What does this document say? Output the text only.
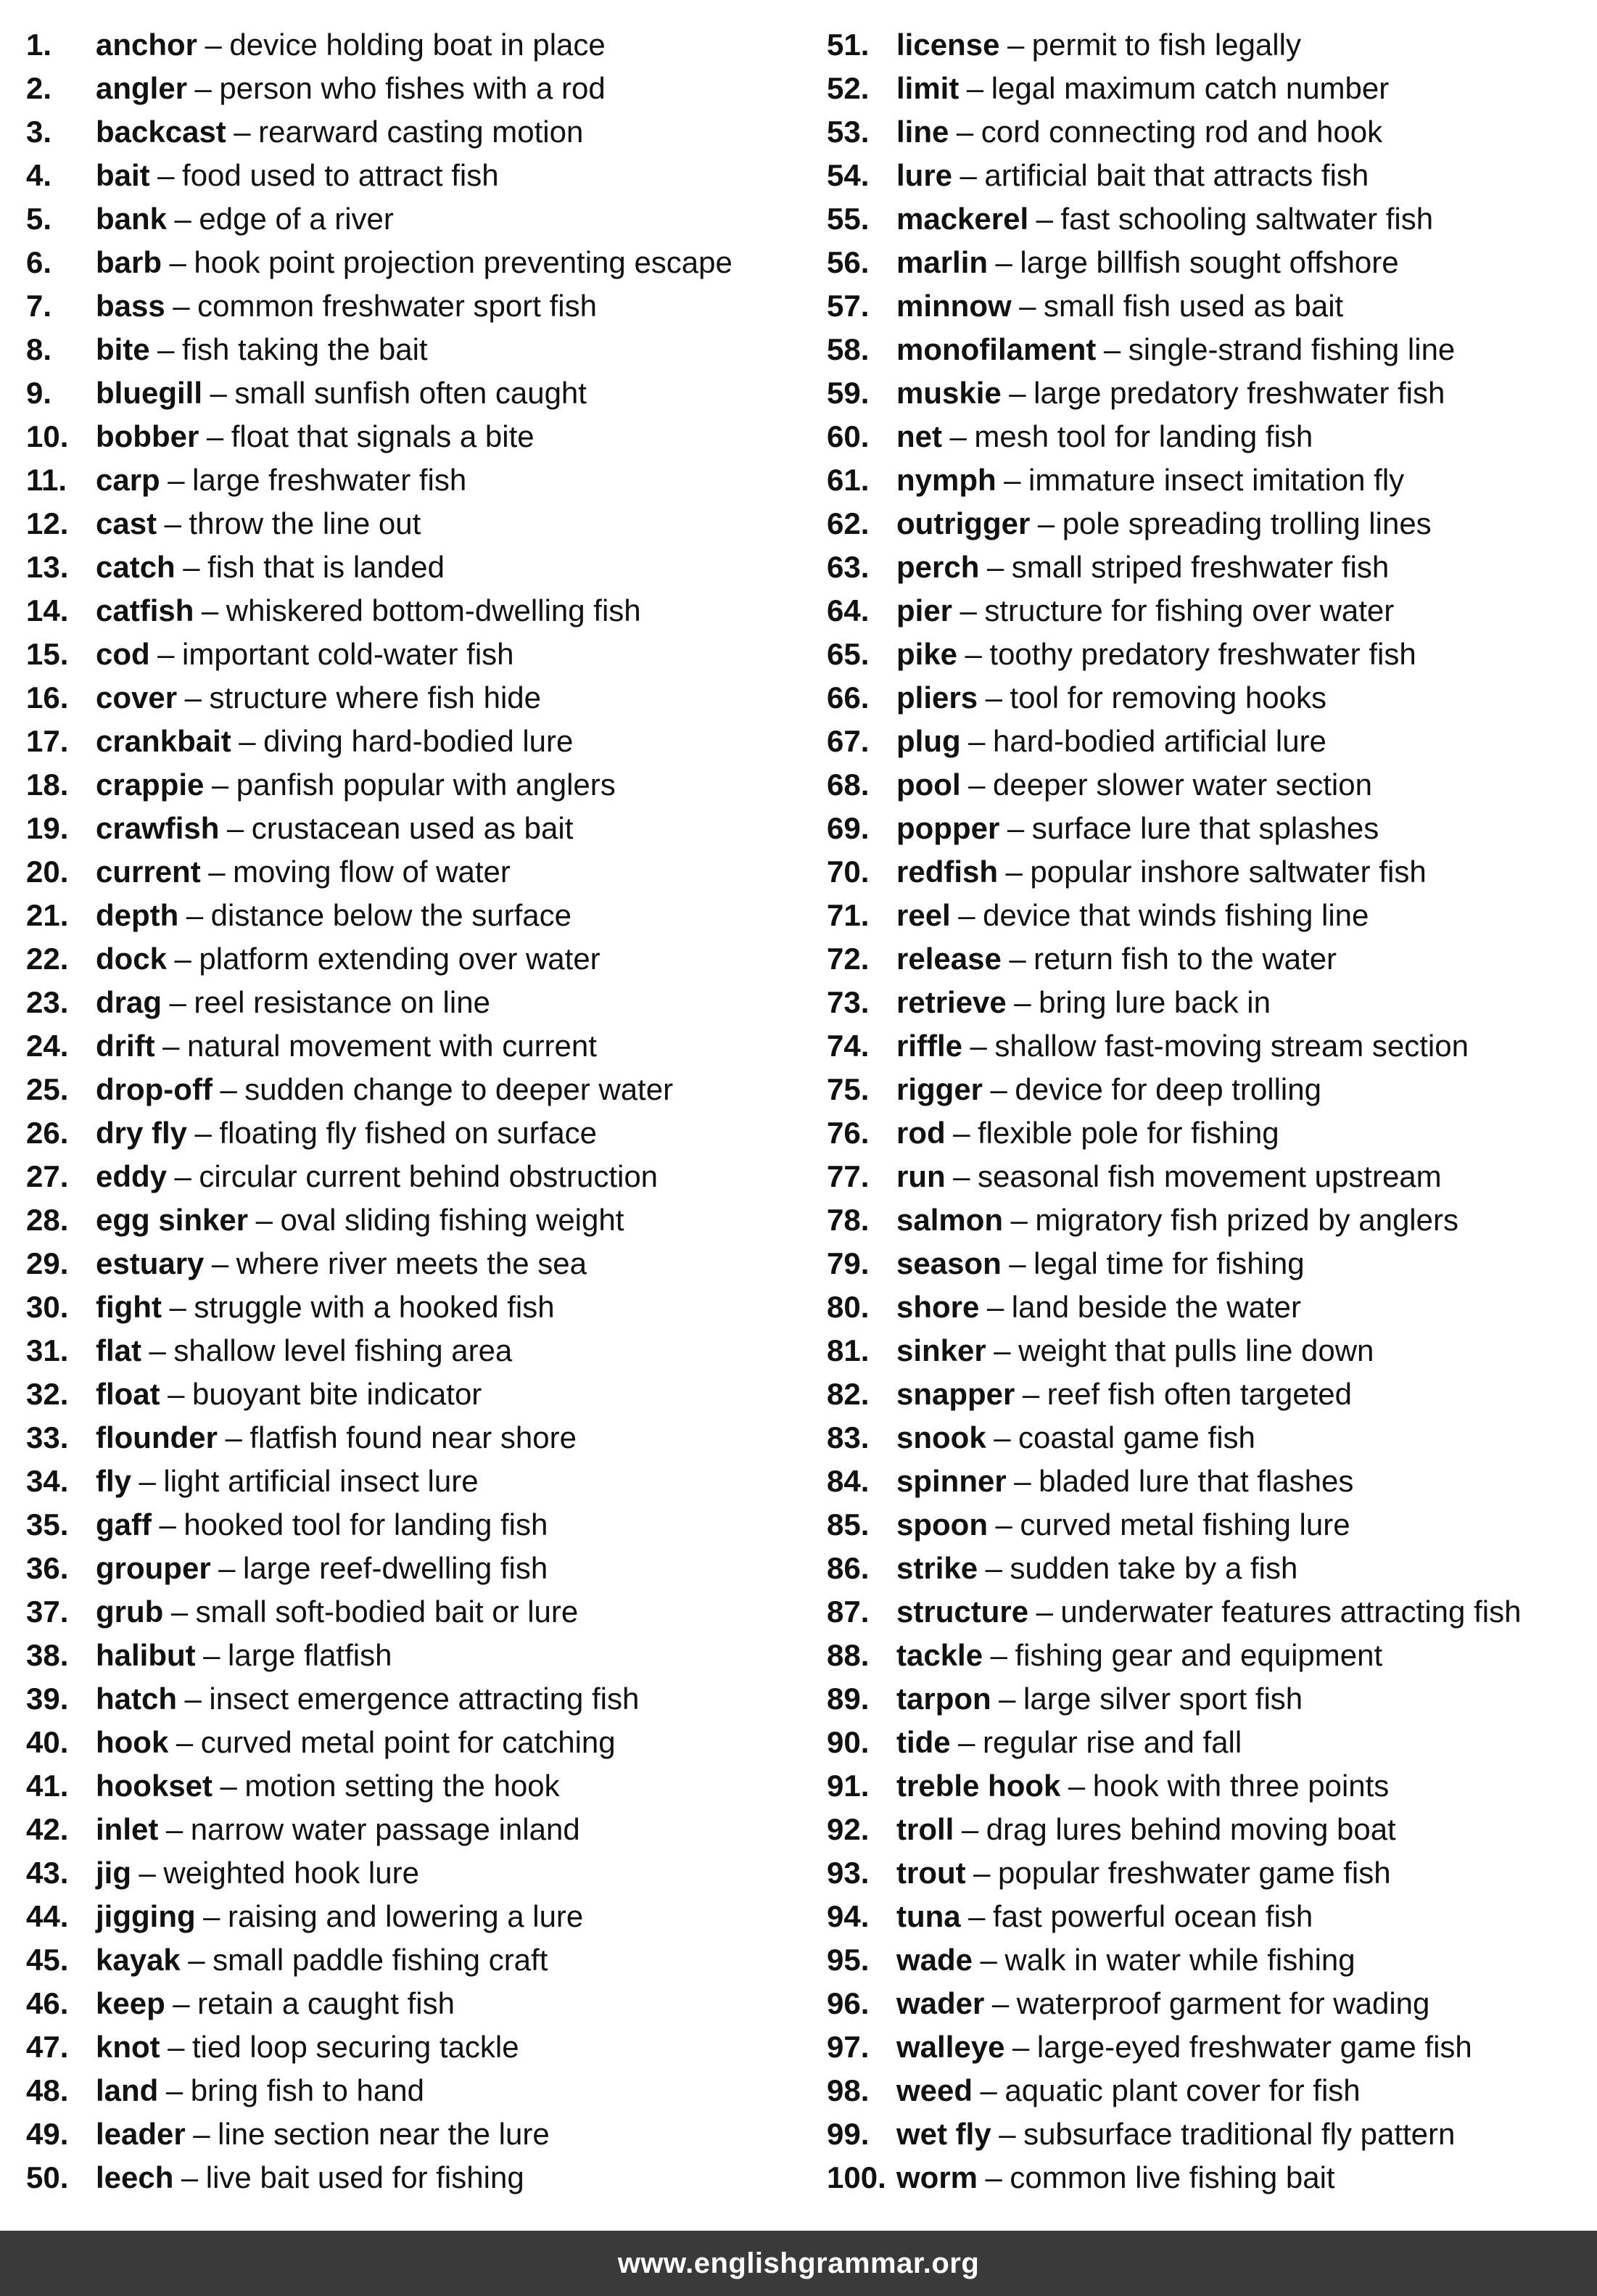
1.	anchor – device holding boat in place
2.	angler – person who fishes with a rod
3.	backcast – rearward casting motion
4.	bait – food used to attract fish
5.	bank – edge of a river
6.	barb – hook point projection preventing escape
7.	bass – common freshwater sport fish
8.	bite – fish taking the bait
9.	bluegill – small sunfish often caught
10. bobber – float that signals a bite
11. carp – large freshwater fish
12. cast – throw the line out
13. catch – fish that is landed
14. catfish – whiskered bottom-dwelling fish
15. cod – important cold-water fish
16. cover – structure where fish hide
17. crankbait – diving hard-bodied lure
18. crappie – panfish popular with anglers
19. crawfish – crustacean used as bait
20. current – moving flow of water
21. depth – distance below the surface
22. dock – platform extending over water
23. drag – reel resistance on line
24. drift – natural movement with current
25. drop-off – sudden change to deeper water
26. dry fly – floating fly fished on surface
27. eddy – circular current behind obstruction
28. egg sinker – oval sliding fishing weight
29. estuary – where river meets the sea
30. fight – struggle with a hooked fish
31. flat – shallow level fishing area
32. float – buoyant bite indicator
33. flounder – flatfish found near shore
34. fly – light artificial insect lure
35. gaff – hooked tool for landing fish
36. grouper – large reef-dwelling fish
37. grub – small soft-bodied bait or lure
38. halibut – large flatfish
39. hatch – insect emergence attracting fish
40. hook – curved metal point for catching
41. hookset – motion setting the hook
42. inlet – narrow water passage inland
43. jig – weighted hook lure
44. jigging – raising and lowering a lure
45. kayak – small paddle fishing craft
46. keep – retain a caught fish
47. knot – tied loop securing tackle
48. land – bring fish to hand
49. leader – line section near the lure
50. leech – live bait used for fishing
51. license – permit to fish legally
52. limit – legal maximum catch number
53. line – cord connecting rod and hook
54. lure – artificial bait that attracts fish
55. mackerel – fast schooling saltwater fish
56. marlin – large billfish sought offshore
57. minnow – small fish used as bait
58. monofilament – single-strand fishing line
59. muskie – large predatory freshwater fish
60. net – mesh tool for landing fish
61. nymph – immature insect imitation fly
62. outrigger – pole spreading trolling lines
63. perch – small striped freshwater fish
64. pier – structure for fishing over water
65. pike – toothy predatory freshwater fish
66. pliers – tool for removing hooks
67. plug – hard-bodied artificial lure
68. pool – deeper slower water section
69. popper – surface lure that splashes
70. redfish – popular inshore saltwater fish
71. reel – device that winds fishing line
72. release – return fish to the water
73. retrieve – bring lure back in
74. riffle – shallow fast-moving stream section
75. rigger – device for deep trolling
76. rod – flexible pole for fishing
77. run – seasonal fish movement upstream
78. salmon – migratory fish prized by anglers
79. season – legal time for fishing
80. shore – land beside the water
81. sinker – weight that pulls line down
82. snapper – reef fish often targeted
83. snook – coastal game fish
84. spinner – bladed lure that flashes
85. spoon – curved metal fishing lure
86. strike – sudden take by a fish
87. structure – underwater features attracting fish
88. tackle – fishing gear and equipment
89. tarpon – large silver sport fish
90. tide – regular rise and fall
91. treble hook – hook with three points
92. troll – drag lures behind moving boat
93. trout – popular freshwater game fish
94. tuna – fast powerful ocean fish
95. wade – walk in water while fishing
96. wader – waterproof garment for wading
97. walleye – large-eyed freshwater game fish
98. weed – aquatic plant cover for fish
99. wet fly – subsurface traditional fly pattern
100. worm – common live fishing bait
www.englishgrammar.org
